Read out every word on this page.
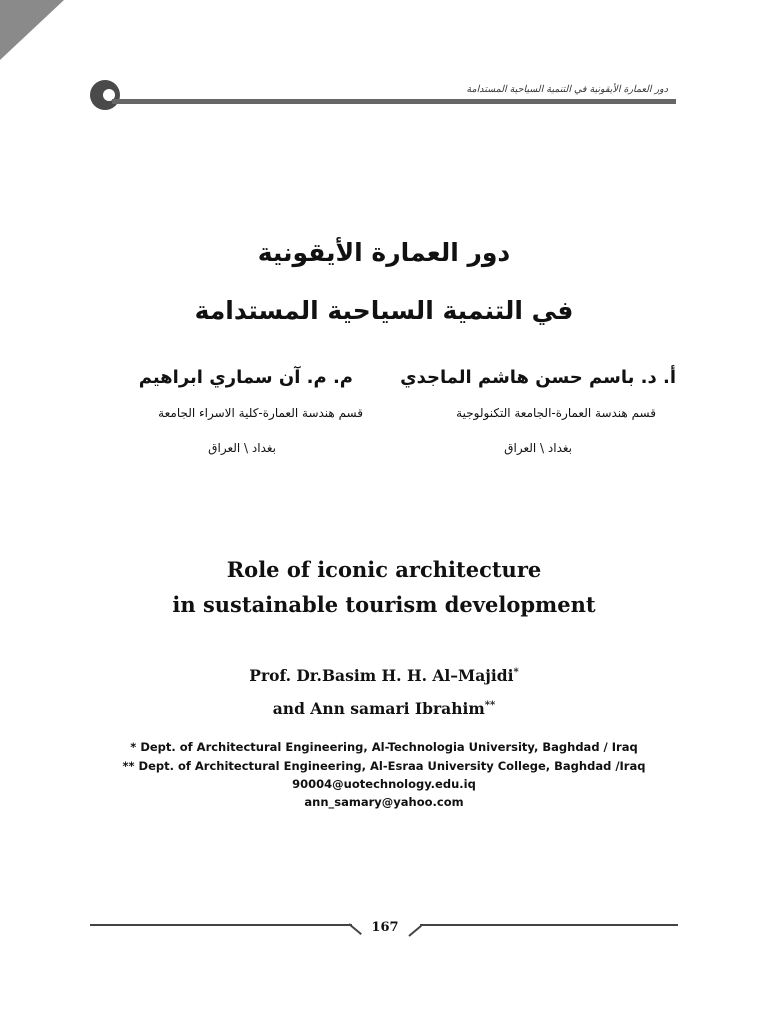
دور العمارة الأيقونية في التنمية السياحية المستدامة
دور العمارة الأيقونية
في التنمية السياحية المستدامة
أ. د. باسم حسن هاشم الماجدي
م. م. آن سماري ابراهيم
قسم هندسة العمارة-الجامعة التكنولوجية
قسم هندسة العمارة-كلية الاسراء الجامعة
بغداد \ العراق
بغداد \ العراق
Role of iconic architecture
in sustainable tourism development
Prof. Dr.Basim H. H. Al–Majidi*
and Ann samari Ibrahim**
* Dept. of Architectural Engineering, Al-Technologia University, Baghdad / Iraq
** Dept. of Architectural Engineering, Al-Esraa University College, Baghdad /Iraq
90004@uotechnology.edu.iq
ann_samary@yahoo.com
167
